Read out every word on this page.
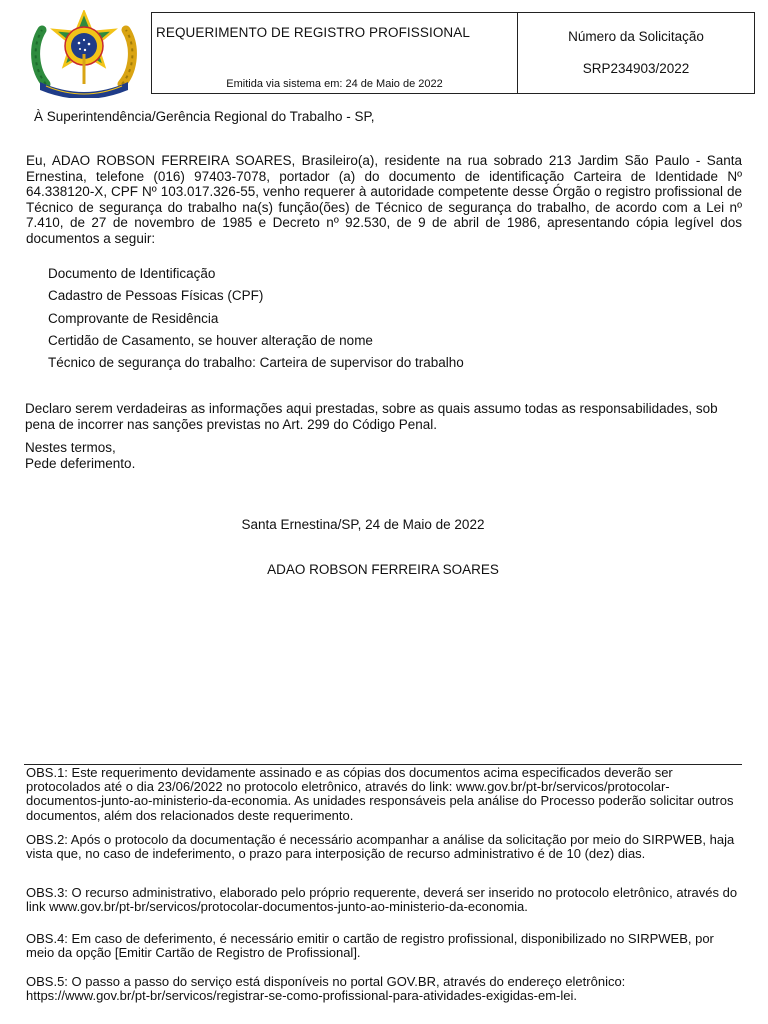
REQUERIMENTO DE REGISTRO PROFISSIONAL
Emitida via sistema em: 24 de Maio de 2022
Número da Solicitação
SRP234903/2022
À Superintendência/Gerência Regional do Trabalho - SP,
Eu, ADAO ROBSON FERREIRA SOARES, Brasileiro(a), residente na rua sobrado 213 Jardim São Paulo - Santa Ernestina, telefone (016) 97403-7078, portador (a) do documento de identificação Carteira de Identidade Nº 64.338120-X, CPF Nº 103.017.326-55, venho requerer à autoridade competente desse Órgão o registro profissional de Técnico de segurança do trabalho na(s) função(ões) de Técnico de segurança do trabalho, de acordo com a Lei nº 7.410, de 27 de novembro de 1985 e Decreto nº 92.530, de 9 de abril de 1986, apresentando cópia legível dos documentos a seguir:
Documento de Identificação
Cadastro de Pessoas Físicas (CPF)
Comprovante de Residência
Certidão de Casamento, se houver alteração de nome
Técnico de segurança do trabalho: Carteira de supervisor do trabalho
Declaro serem verdadeiras as informações aqui prestadas, sobre as quais assumo todas as responsabilidades, sob pena de incorrer nas sanções previstas no Art. 299 do Código Penal.
Nestes termos,
Pede deferimento.
Santa Ernestina/SP, 24 de Maio de 2022
ADAO ROBSON FERREIRA SOARES
OBS.1: Este requerimento devidamente assinado e as cópias dos documentos acima especificados deverão ser protocolados até o dia 23/06/2022 no protocolo eletrônico, através do link: www.gov.br/pt-br/servicos/protocolar-documentos-junto-ao-ministerio-da-economia. As unidades responsáveis pela análise do Processo poderão solicitar outros documentos, além dos relacionados deste requerimento.
OBS.2: Após o protocolo da documentação é necessário acompanhar a análise da solicitação por meio do SIRPWEB, haja vista que, no caso de indeferimento, o prazo para interposição de recurso administrativo é de 10 (dez) dias.
OBS.3: O recurso administrativo, elaborado pelo próprio requerente, deverá ser inserido no protocolo eletrônico, através do link www.gov.br/pt-br/servicos/protocolar-documentos-junto-ao-ministerio-da-economia.
OBS.4: Em caso de deferimento, é necessário emitir o cartão de registro profissional, disponibilizado no SIRPWEB, por meio da opção [Emitir Cartão de Registro de Profissional].
OBS.5: O passo a passo do serviço está disponíveis no portal GOV.BR, através do endereço eletrônico: https://www.gov.br/pt-br/servicos/registrar-se-como-profissional-para-atividades-exigidas-em-lei.
